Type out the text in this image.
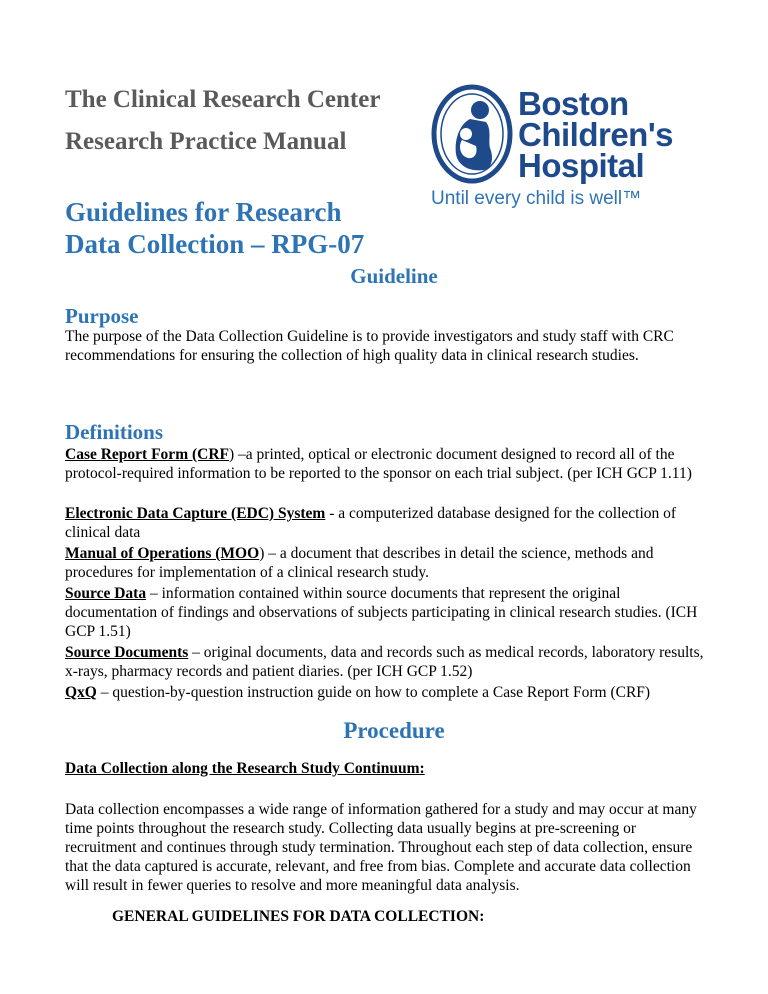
The Clinical Research Center
Research Practice Manual
Guidelines for Research
Data Collection – RPG-07
Boston
Children's
Hospital
Until every child is well™
Guideline
Purpose
The purpose of the Data Collection Guideline is to provide investigators and study staff with CRC recommendations for ensuring the collection of high quality data in clinical research studies.
Definitions
Case Report Form (CRF) –a printed, optical or electronic document designed to record all of the protocol-required information to be reported to the sponsor on each trial subject. (per ICH GCP 1.11)
Electronic Data Capture (EDC) System - a computerized database designed for the collection of clinical data
Manual of Operations (MOO) – a document that describes in detail the science, methods and procedures for implementation of a clinical research study.
Source Data – information contained within source documents that represent the original documentation of findings and observations of subjects participating in clinical research studies. (ICH GCP 1.51)
Source Documents – original documents, data and records such as medical records, laboratory results, x-rays, pharmacy records and patient diaries. (per ICH GCP 1.52)
QxQ – question-by-question instruction guide on how to complete a Case Report Form (CRF)
Procedure
Data Collection along the Research Study Continuum:
Data collection encompasses a wide range of information gathered for a study and may occur at many time points throughout the research study. Collecting data usually begins at pre-screening or recruitment and continues through study termination. Throughout each step of data collection, ensure that the data captured is accurate, relevant, and free from bias. Complete and accurate data collection will result in fewer queries to resolve and more meaningful data analysis.
GENERAL GUIDELINES FOR DATA COLLECTION:
